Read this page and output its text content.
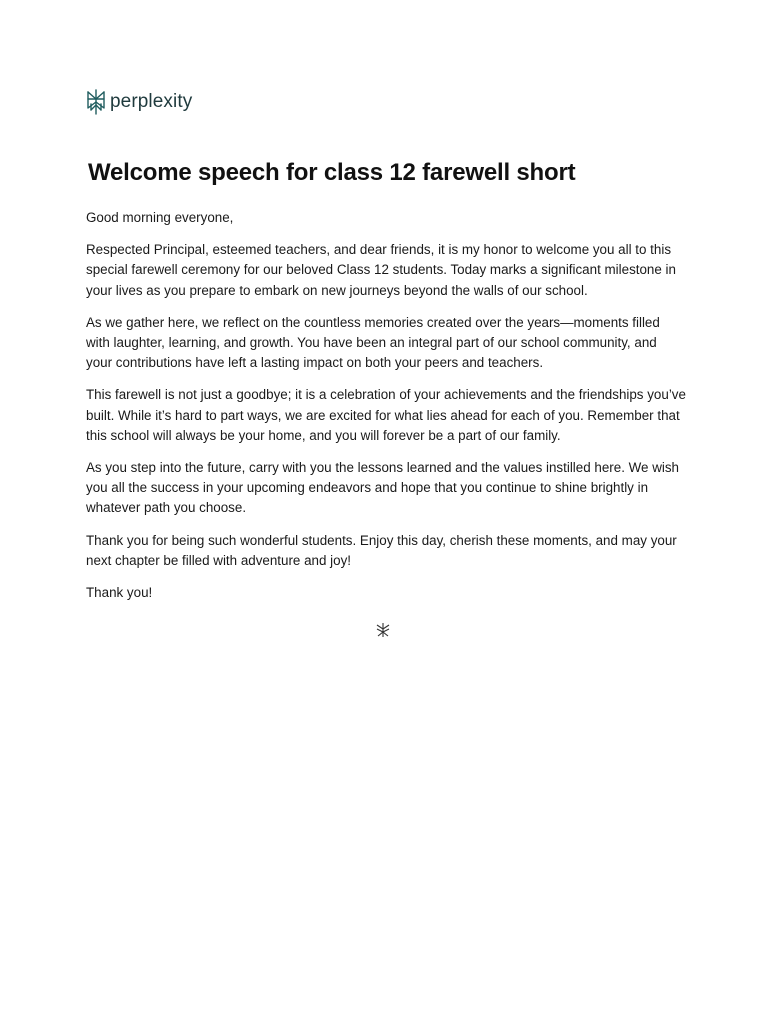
perplexity
Welcome speech for class 12 farewell short

Good morning everyone,

Respected Principal, esteemed teachers, and dear friends, it is my honor to welcome you all to this special farewell ceremony for our beloved Class 12 students. Today marks a significant milestone in your lives as you prepare to embark on new journeys beyond the walls of our school.

As we gather here, we reflect on the countless memories created over the years—moments filled with laughter, learning, and growth. You have been an integral part of our school community, and your contributions have left a lasting impact on both your peers and teachers.

This farewell is not just a goodbye; it is a celebration of your achievements and the friendships you’ve built. While it’s hard to part ways, we are excited for what lies ahead for each of you. Remember that this school will always be your home, and you will forever be a part of our family.

As you step into the future, carry with you the lessons learned and the values instilled here. We wish you all the success in your upcoming endeavors and hope that you continue to shine brightly in whatever path you choose.

Thank you for being such wonderful students. Enjoy this day, cherish these moments, and may your next chapter be filled with adventure and joy!

Thank you!
